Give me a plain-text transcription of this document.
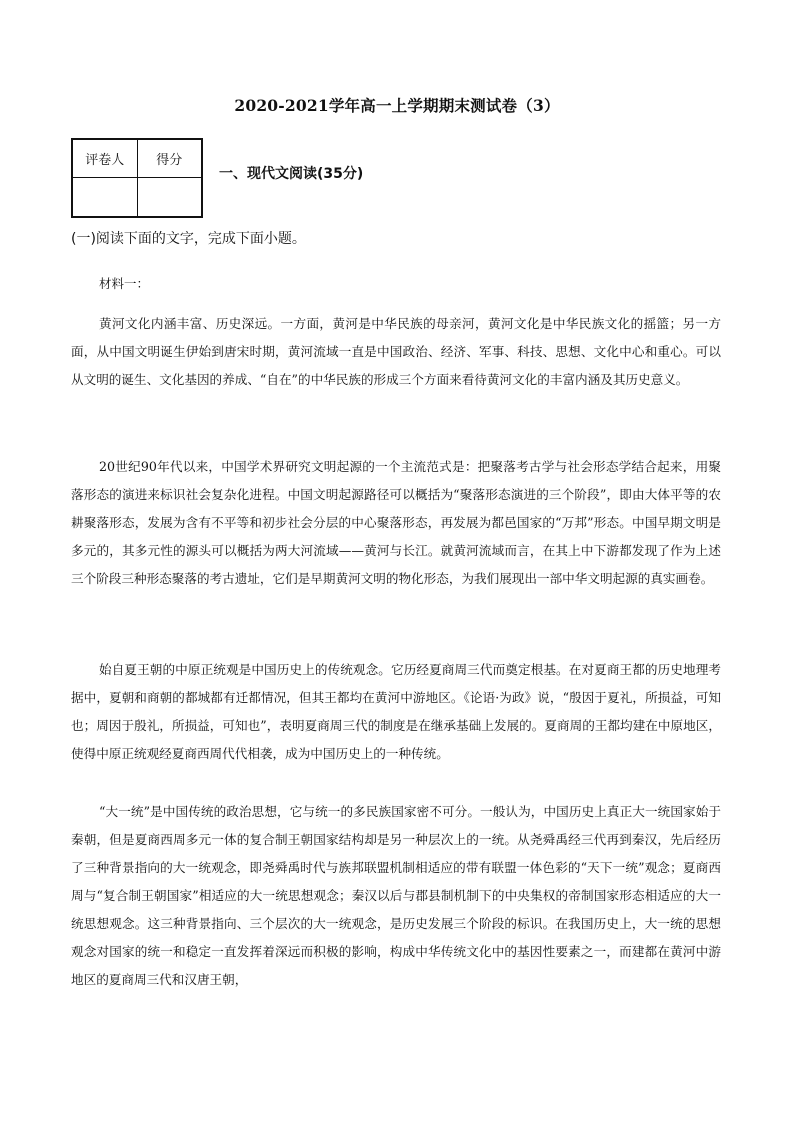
2020-2021学年高一上学期期末测试卷（3）
评卷人	得分

一、现代文阅读(35分)
(一)阅读下面的文字，完成下面小题。
材料一：

黄河文化内涵丰富、历史深远。一方面，黄河是中华民族的母亲河，黄河文化是中华民族文化的摇篮；另一方面，从中国文明诞生伊始到唐宋时期，黄河流域一直是中国政治、经济、军事、科技、思想、文化中心和重心。可以从文明的诞生、文化基因的养成、“自在”的中华民族的形成三个方面来看待黄河文化的丰富内涵及其历史意义。

20世纪90年代以来，中国学术界研究文明起源的一个主流范式是：把聚落考古学与社会形态学结合起来，用聚落形态的演进来标识社会复杂化进程。中国文明起源路径可以概括为“聚落形态演进的三个阶段”，即由大体平等的农耕聚落形态，发展为含有不平等和初步社会分层的中心聚落形态，再发展为都邑国家的“万邦”形态。中国早期文明是多元的，其多元性的源头可以概括为两大河流域——黄河与长江。就黄河流域而言，在其上中下游都发现了作为上述三个阶段三种形态聚落的考古遗址，它们是早期黄河文明的物化形态，为我们展现出一部中华文明起源的真实画卷。

始自夏王朝的中原正统观是中国历史上的传统观念。它历经夏商周三代而奠定根基。在对夏商王都的历史地理考据中，夏朝和商朝的都城都有迁都情况，但其王都均在黄河中游地区。《论语·为政》说，“殷因于夏礼，所损益，可知也；周因于殷礼，所损益，可知也”，表明夏商周三代的制度是在继承基础上发展的。夏商周的王都均建在中原地区，使得中原正统观经夏商西周代代相袭，成为中国历史上的一种传统。

“大一统”是中国传统的政治思想，它与统一的多民族国家密不可分。一般认为，中国历史上真正大一统国家始于秦朝，但是夏商西周多元一体的复合制王朝国家结构却是另一种层次上的一统。从尧舜禹经三代再到秦汉，先后经历了三种背景指向的大一统观念，即尧舜禹时代与族邦联盟机制相适应的带有联盟一体色彩的“天下一统”观念；夏商西周与“复合制王朝国家”相适应的大一统思想观念；秦汉以后与郡县制机制下的中央集权的帝制国家形态相适应的大一统思想观念。这三种背景指向、三个层次的大一统观念，是历史发展三个阶段的标识。在我国历史上，大一统的思想观念对国家的统一和稳定一直发挥着深远而积极的影响，构成中华传统文化中的基因性要素之一，而建都在黄河中游地区的夏商周三代和汉唐王朝，
